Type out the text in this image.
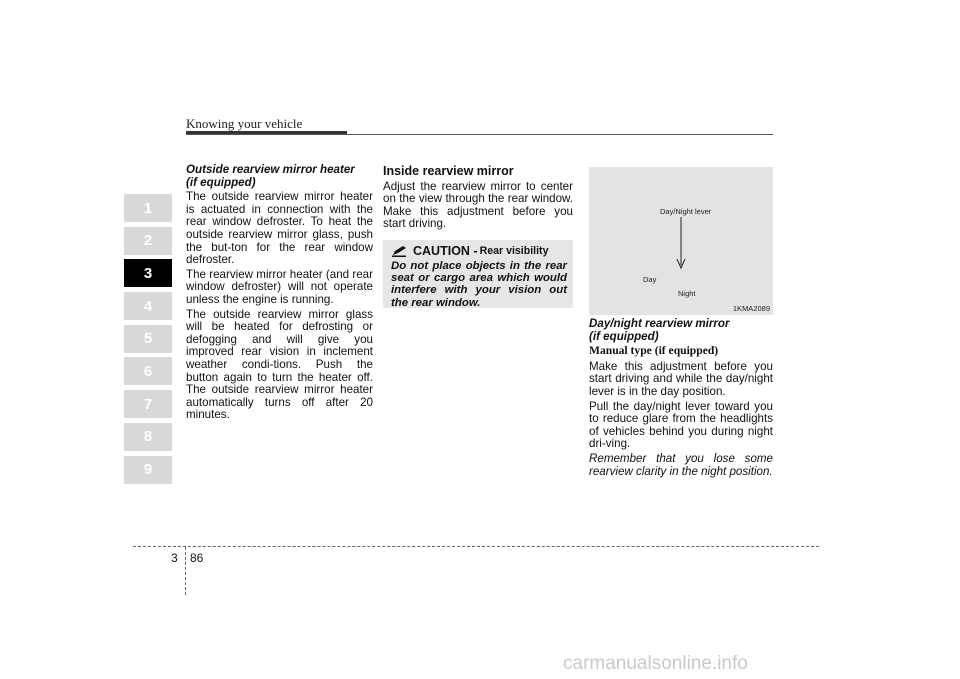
Knowing your vehicle
1
2
3
4
5
6
7
8
9
Outside rearview mirror heater
(if equipped)

The outside rearview mirror heater is actuated in connection with the rear window defroster. To heat the outside rearview mirror glass, push the but-ton for the rear window defroster.

The rearview mirror heater (and rear window defroster) will not operate unless the engine is running.

The outside rearview mirror glass will be heated for defrosting or defogging and will give you improved rear vision in inclement weather condi-tions. Push the button again to turn the heater off. The outside rearview mirror heater automatically turns off after 20 minutes.

Inside rearview mirror

Adjust the rearview mirror to center on the view through the rear window. Make this adjustment before you start driving.

CAUTION - Rear visibility
Do not place objects in the rear seat or cargo area which would interfere with your vision out the rear window.
Day/Night lever
Day
Night
1KMA2089
Day/night rearview mirror
(if equipped)
Manual type (if equipped)

Make this adjustment before you start driving and while the day/night lever is in the day position.

Pull the day/night lever toward you to reduce glare from the headlights of vehicles behind you during night dri-ving.

Remember that you lose some rearview clarity in the night position.

3 86
carmanualsonline.info
